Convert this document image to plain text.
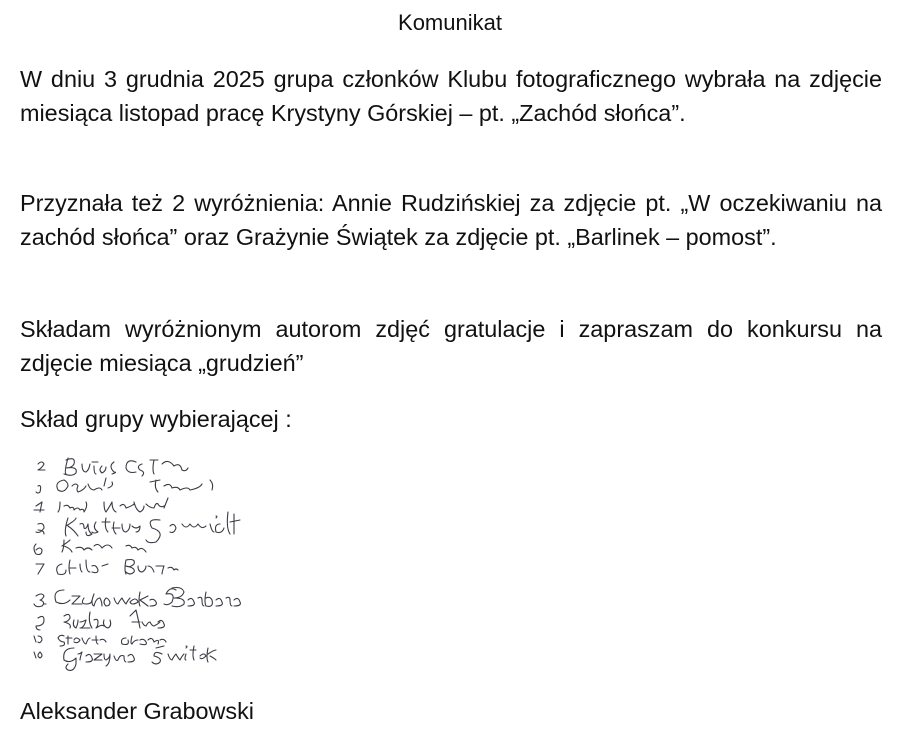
Komunikat

W dniu 3 grudnia 2025 grupa członków Klubu fotograficznego wybrała na zdjęcie miesiąca listopad pracę Krystyny Górskiej – pt. „Zachód słońca”.

Przyznała też 2 wyróżnienia: Annie Rudzińskiej za zdjęcie pt. „W oczekiwaniu na zachód słońca” oraz Grażynie Świątek za zdjęcie pt. „Barlinek – pomost”.

Składam wyróżnionym autorom zdjęć gratulacje i zapraszam do konkursu na zdjęcie miesiąca „grudzień”

Skład grupy wybierającej :
Aleksander Grabowski
